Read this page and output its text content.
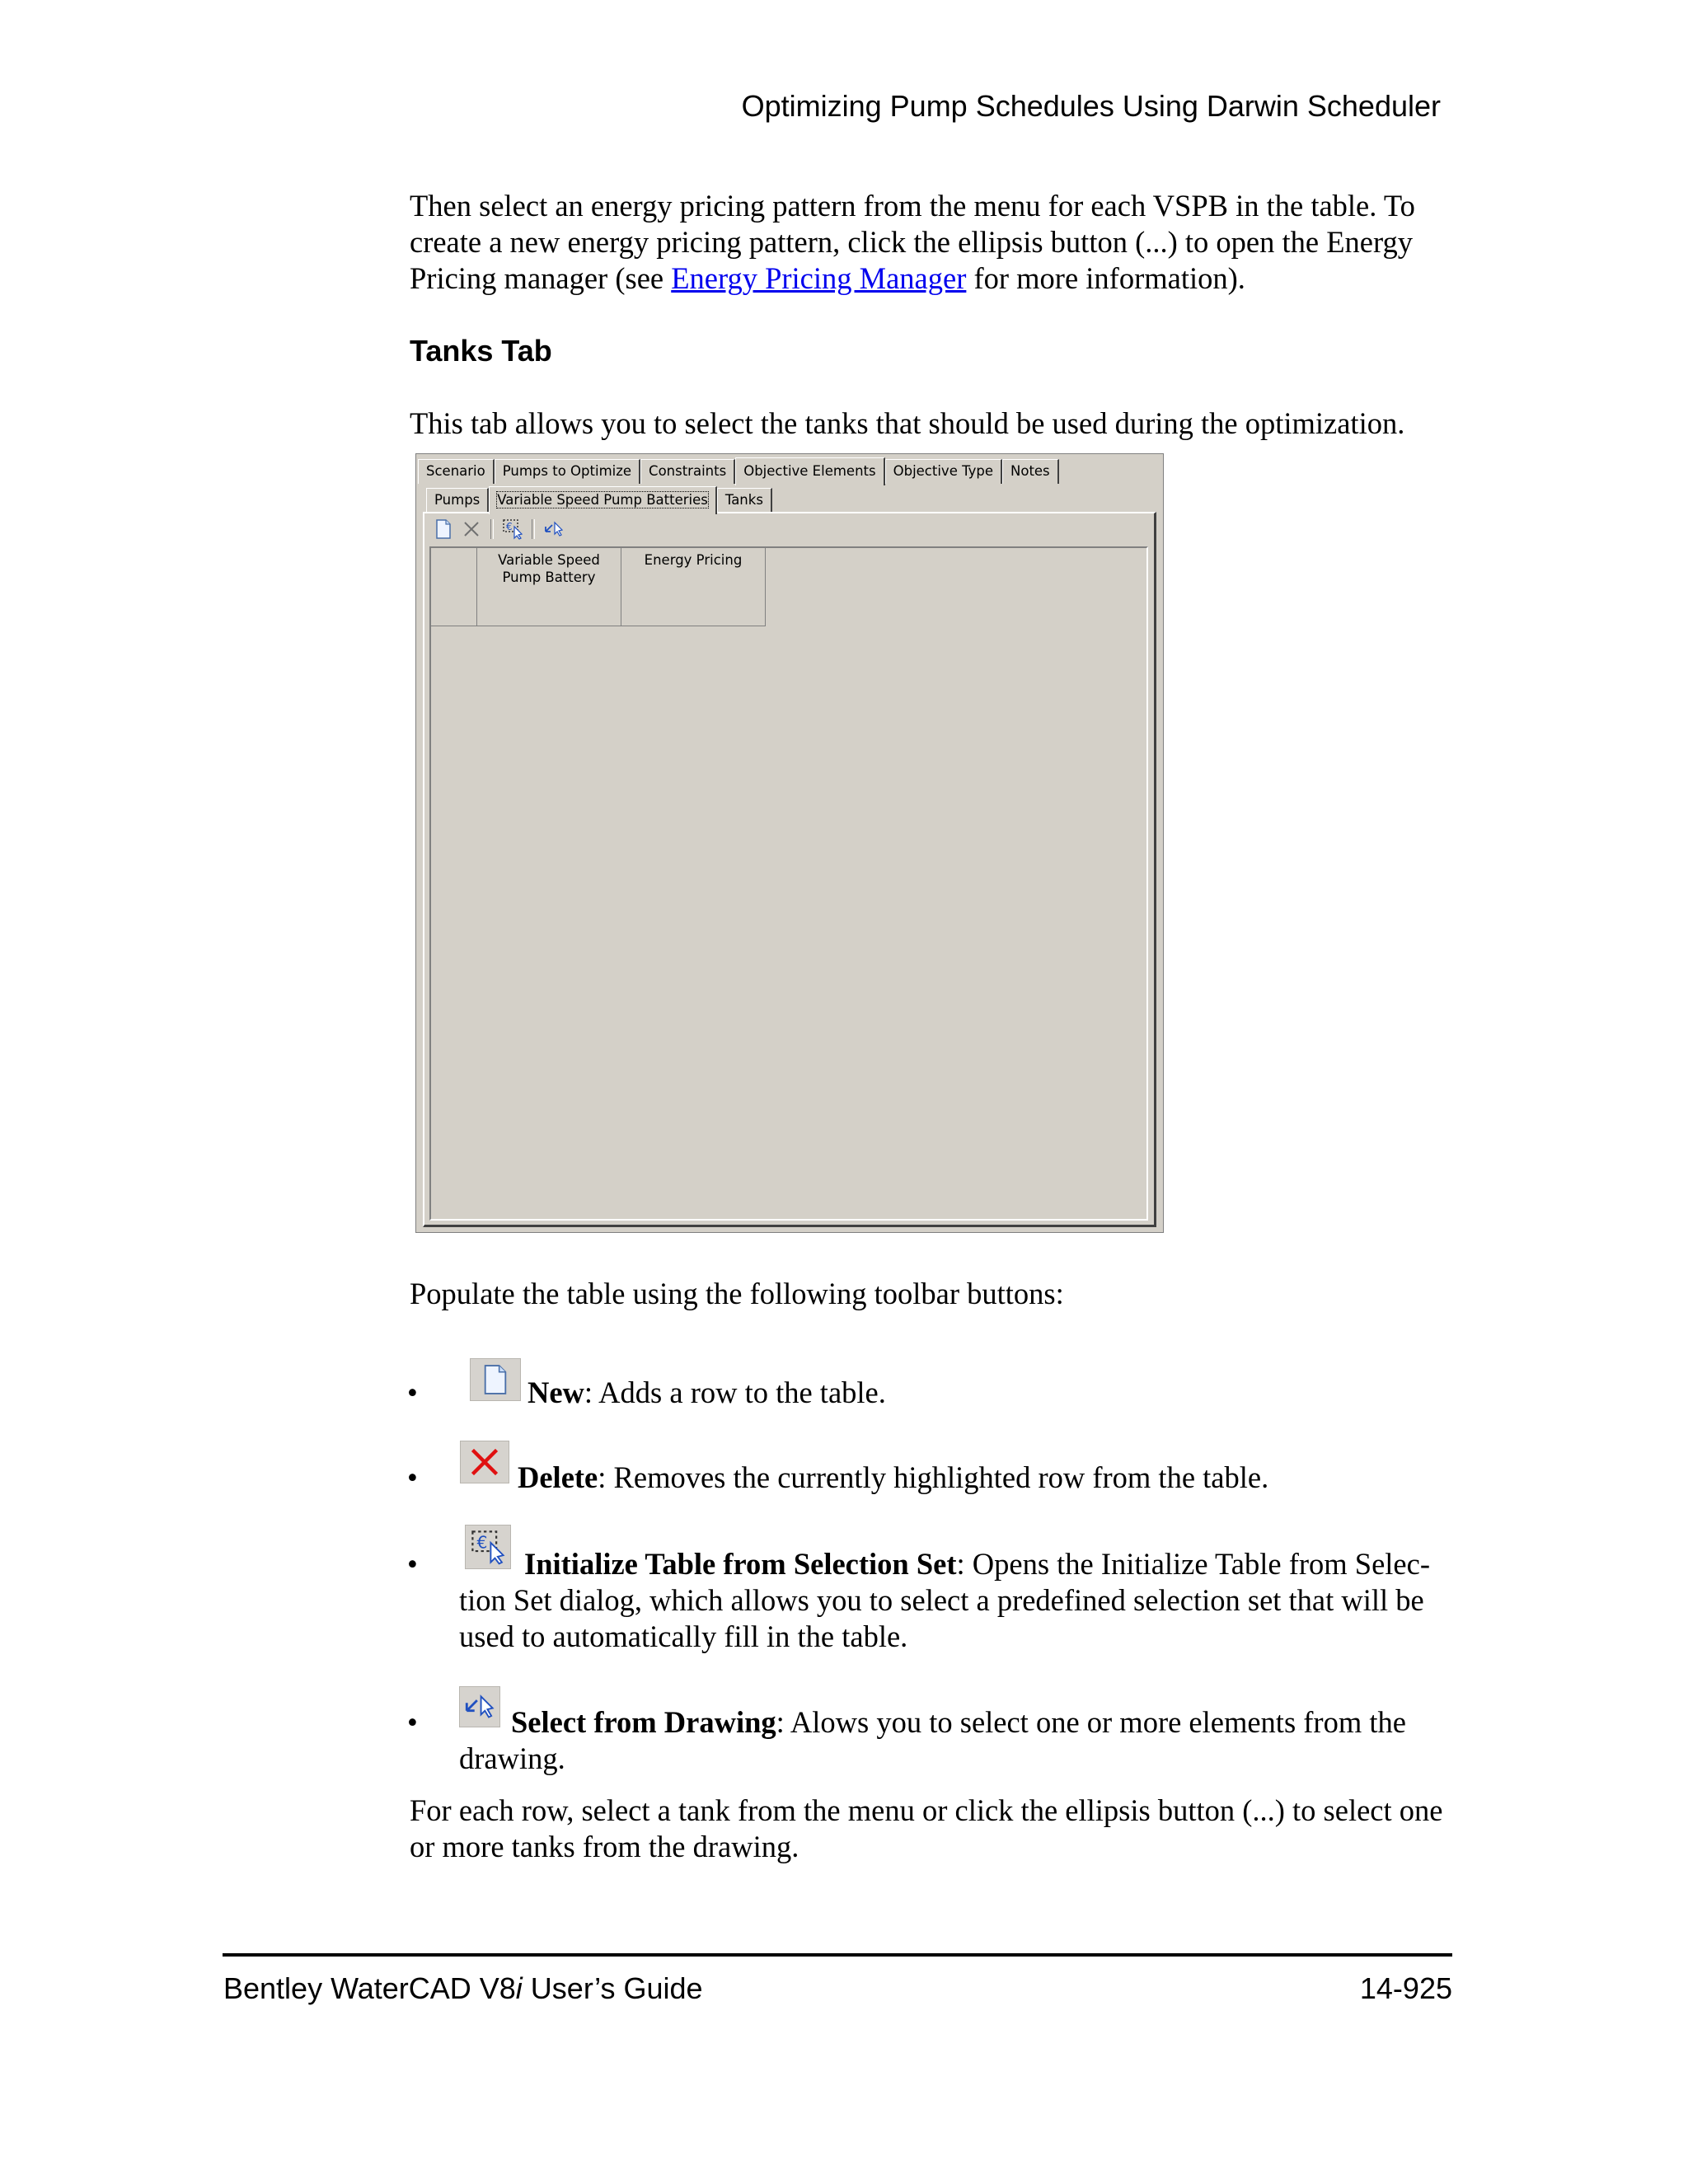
Optimizing Pump Schedules Using Darwin Scheduler
Then select an energy pricing pattern from the menu for each VSPB in the table. To create a new energy pricing pattern, click the ellipsis button (...) to open the Energy Pricing manager (see Energy Pricing Manager for more information).
Tanks Tab
This tab allows you to select the tanks that should be used during the optimization.
Scenario	Pumps to Optimize	Constraints	Objective Elements	Objective Type	Notes
Pumps	Variable Speed Pump Batteries	Tanks
€
Variable Speed
Pump Battery
Energy Pricing
Populate the table using the following toolbar buttons:
•	New: Adds a row to the table.
•	Delete: Removes the currently highlighted row from the table.
•
€
Initialize Table from Selection Set: Opens the Initialize Table from Selec-
tion Set dialog, which allows you to select a predefined selection set that will be
used to automatically fill in the table.
•	Select from Drawing: Alows you to select one or more elements from the
drawing.
For each row, select a tank from the menu or click the ellipsis button (...) to select one or more tanks from the drawing.
Bentley WaterCAD V8i User’s Guide	14-925
